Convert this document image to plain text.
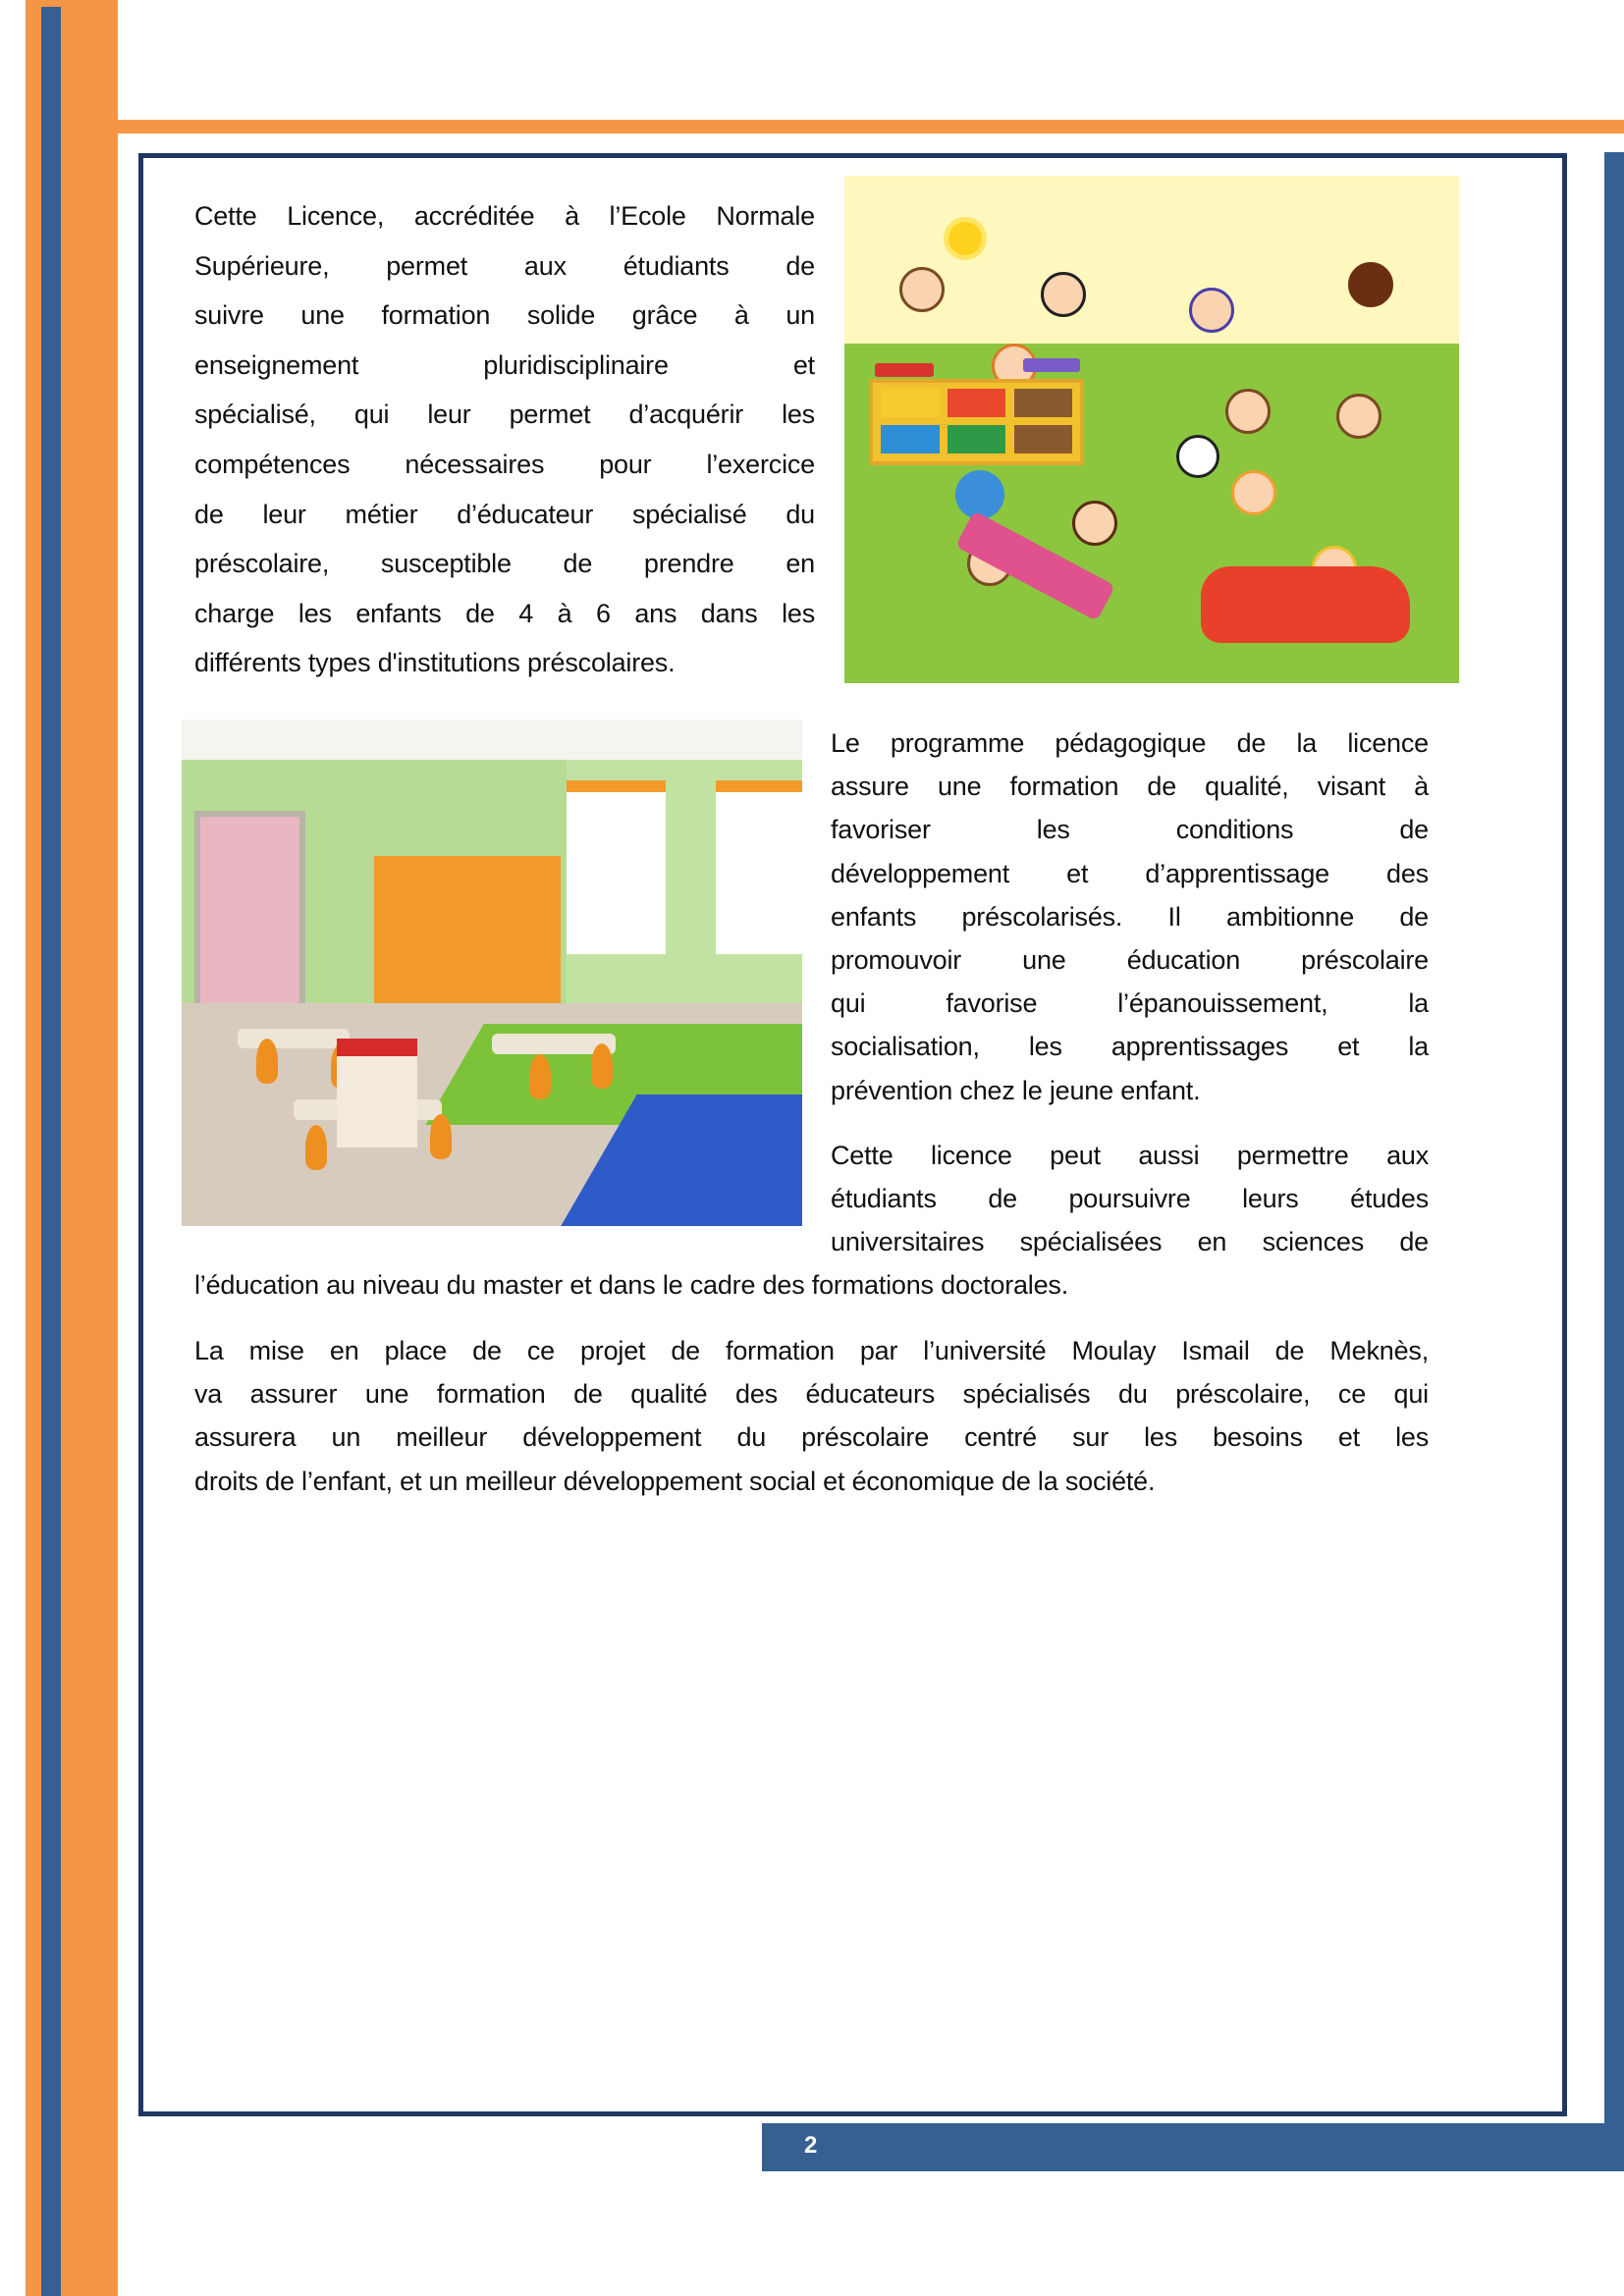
Cette Licence, accréditée à l’Ecole Normale
Supérieure, permet aux étudiants de
suivre une formation solide grâce à un
enseignement pluridisciplinaire et
spécialisé, qui leur permet d’acquérir les
compétences nécessaires pour l’exercice
de leur métier d’éducateur spécialisé du
préscolaire, susceptible de prendre en
charge les enfants de 4 à 6 ans dans les
différents types d'institutions préscolaires.
Le programme pédagogique de la licence
assure une formation de qualité, visant à
favoriser les conditions de
développement et d’apprentissage des
enfants préscolarisés. Il ambitionne de
promouvoir une éducation préscolaire
qui favorise l’épanouissement, la
socialisation, les apprentissages et la
prévention chez le jeune enfant.
Cette licence peut aussi permettre aux
étudiants de poursuivre leurs études
universitaires spécialisées en sciences de
l’éducation au niveau du master et dans le cadre des formations doctorales.
La mise en place de ce projet de formation par l’université Moulay Ismail de Meknès,
va assurer une formation de qualité des éducateurs spécialisés du préscolaire, ce qui
assurera un meilleur développement du préscolaire centré sur les besoins et les
droits de l’enfant, et un meilleur développement social et économique de la société.
2
